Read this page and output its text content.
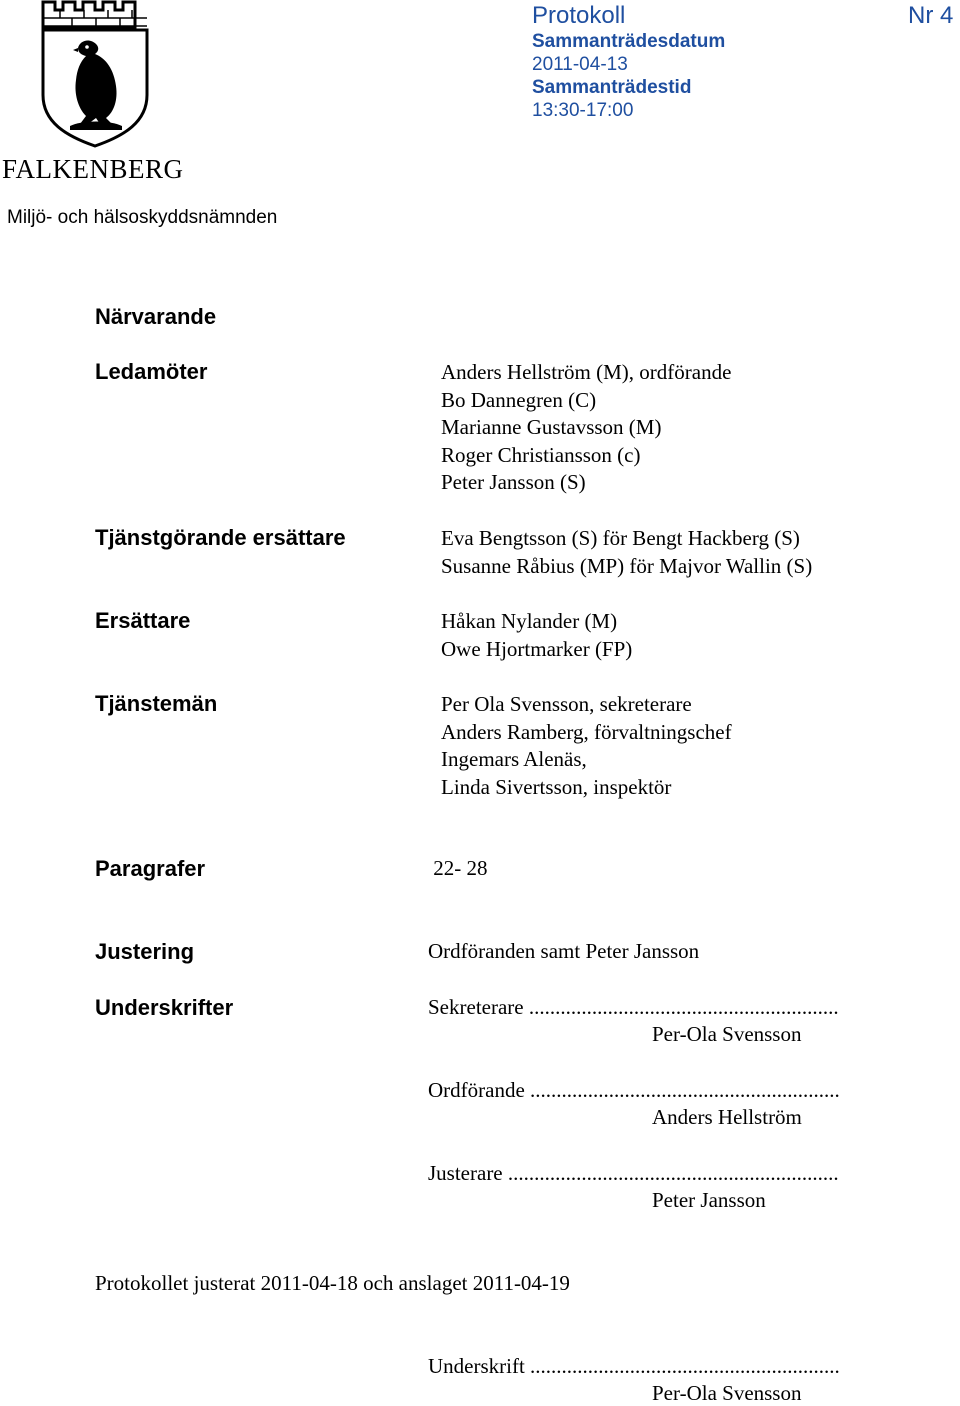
FALKENBERG
Miljö- och hälsoskyddsnämnden
Protokoll	Nr 4
Sammanträdesdatum
2011-04-13
Sammanträdestid
13:30-17:00
Närvarande
Ledamöter	Anders Hellström (M), ordförande
Bo Dannegren (C)
Marianne Gustavsson (M)
Roger Christiansson (c)
Peter Jansson (S)
Tjänstgörande ersättare	Eva Bengtsson (S) för Bengt Hackberg (S)
Susanne Råbius (MP) för Majvor Wallin (S)
Ersättare	Håkan Nylander (M)
Owe Hjortmarker (FP)
Tjänstemän	Per Ola Svensson, sekreterare
Anders Ramberg, förvaltningschef
Ingemars Alenäs,
Linda Sivertsson, inspektör
Paragrafer	22- 28
Justering	Ordföranden samt Peter Jansson
Underskrifter	Sekreterare ...........................................................
Per-Ola Svensson
Ordförande ...........................................................
Anders Hellström
Justerare ...............................................................
Peter Jansson
Protokollet justerat 2011-04-18 och anslaget 2011-04-19
Underskrift ...........................................................
Per-Ola Svensson
